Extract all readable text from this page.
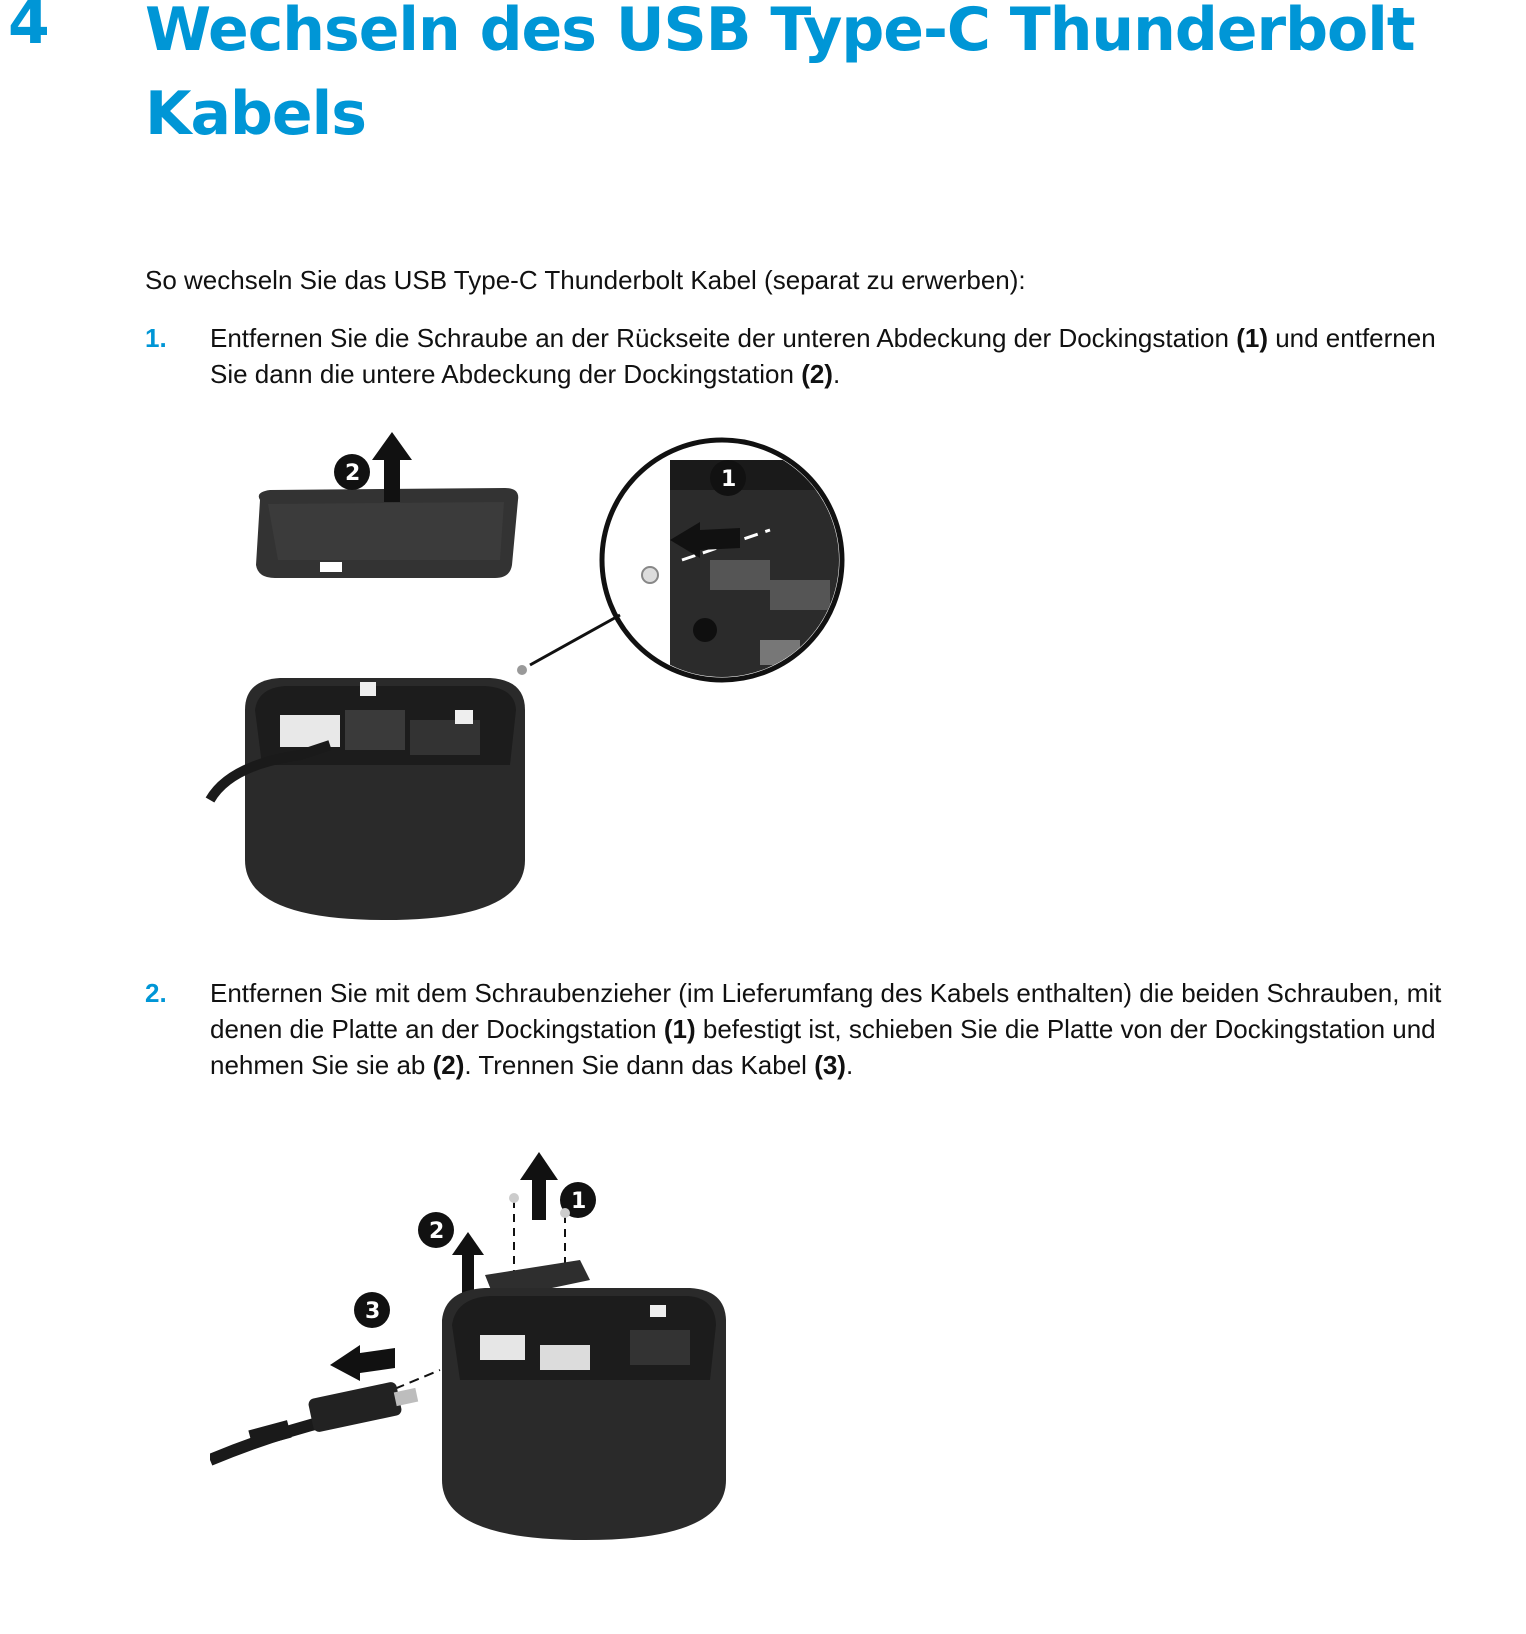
4 Wechseln des USB Type-C Thunderbolt Kabels
So wechseln Sie das USB Type-C Thunderbolt Kabel (separat zu erwerben):
1. Entfernen Sie die Schraube an der Rückseite der unteren Abdeckung der Dockingstation (1) und entfernen Sie dann die untere Abdeckung der Dockingstation (2).
2	1
2. Entfernen Sie mit dem Schraubenzieher (im Lieferumfang des Kabels enthalten) die beiden Schrauben, mit denen die Platte an der Dockingstation (1) befestigt ist, schieben Sie die Platte von der Dockingstation und nehmen Sie sie ab (2). Trennen Sie dann das Kabel (3).
1
2
3
